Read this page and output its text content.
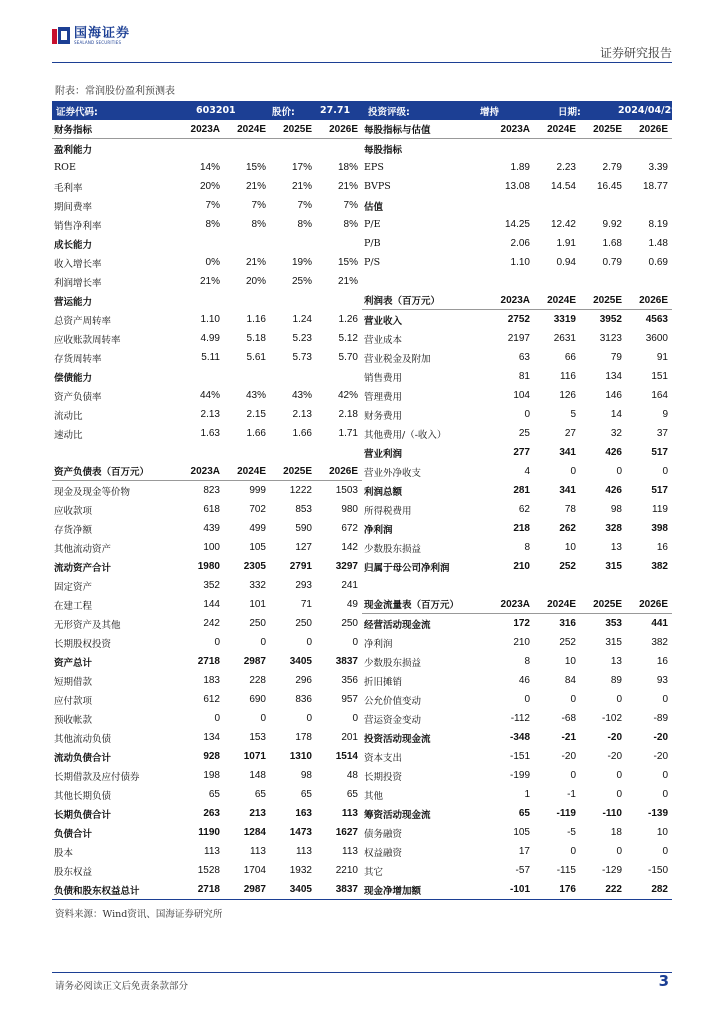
国海证券
SEALAND SECURITIES
证券研究报告
附表：常润股份盈利预测表
证券代码:	603201	股价:	27.71 投资评级:	增持	日期:	2024/04/29
财务指标	2023A	2024E	2025E	2026E
盈利能力
ROE	14%	15%	17%	18%
毛利率	20%	21%	21%	21%
期间费率	7%	7%	7%	7%
销售净利率	8%	8%	8%	8%
成长能力
收入增长率	0%	21%	19%	15%
利润增长率	21%	20%	25%	21%
营运能力
总资产周转率	1.10	1.16	1.24	1.26
应收账款周转率	4.99	5.18	5.23	5.12
存货周转率	5.11	5.61	5.73	5.70
偿债能力
资产负债率	44%	43%	43%	42%
流动比	2.13	2.15	2.13	2.18
速动比	1.63	1.66	1.66	1.71
资产负债表（百万元）	2023A	2024E	2025E	2026E
现金及现金等价物	823	999	1222	1503
应收款项	618	702	853	980
存货净额	439	499	590	672
其他流动资产	100	105	127	142
流动资产合计	1980	2305	2791	3297
固定资产	352	332	293	241
在建工程	144	101	71	49
无形资产及其他	242	250	250	250
长期股权投资	0	0	0	0
资产总计	2718	2987	3405	3837
短期借款	183	228	296	356
应付款项	612	690	836	957
预收帐款	0	0	0	0
其他流动负债	134	153	178	201
流动负债合计	928	1071	1310	1514
长期借款及应付债券	198	148	98	48
其他长期负债	65	65	65	65
长期负债合计	263	213	163	113
负债合计	1190	1284	1473	1627
股本	113	113	113	113
股东权益	1528	1704	1932	2210
负债和股东权益总计	2718	2987	3405	3837
每股指标与估值	2023A	2024E	2025E	2026E
每股指标
EPS	1.89	2.23	2.79	3.39
BVPS	13.08	14.54	16.45	18.77
估值
P/E	14.25	12.42	9.92	8.19
P/B	2.06	1.91	1.68	1.48
P/S	1.10	0.94	0.79	0.69
利润表（百万元）	2023A	2024E	2025E	2026E
营业收入	2752	3319	3952	4563
营业成本	2197	2631	3123	3600
营业税金及附加	63	66	79	91
销售费用	81	116	134	151
管理费用	104	126	146	164
财务费用	0	5	14	9
其他费用/（-收入）	25	27	32	37
营业利润	277	341	426	517
营业外净收支	4	0	0	0
利润总额	281	341	426	517
所得税费用	62	78	98	119
净利润	218	262	328	398
少数股东损益	8	10	13	16
归属于母公司净利润	210	252	315	382
现金流量表（百万元）	2023A	2024E	2025E	2026E
经营活动现金流	172	316	353	441
净利润	210	252	315	382
少数股东损益	8	10	13	16
折旧摊销	46	84	89	93
公允价值变动	0	0	0	0
营运资金变动	-112	-68	-102	-89
投资活动现金流	-348	-21	-20	-20
资本支出	-151	-20	-20	-20
长期投资	-199	0	0	0
其他	1	-1	0	0
筹资活动现金流	65	-119	-110	-139
债务融资	105	-5	18	10
权益融资	17	0	0	0
其它	-57	-115	-129	-150
现金净增加额	-101	176	222	282
资料来源：Wind资讯、国海证券研究所
请务必阅读正文后免责条款部分	3
